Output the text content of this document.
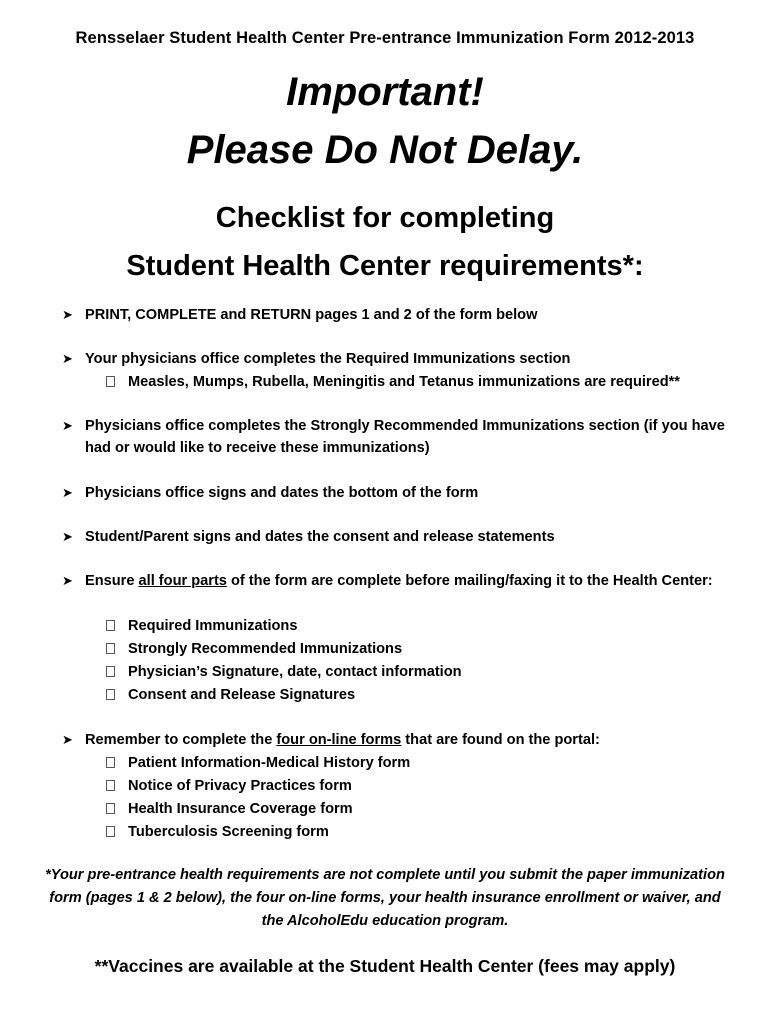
Rensselaer Student Health Center Pre-entrance Immunization Form 2012-2013
Important!
Please Do Not Delay.
Checklist for completing
Student Health Center requirements*:
➤ PRINT, COMPLETE and RETURN pages 1 and 2 of the form below
➤ Your physicians office completes the Required Immunizations section
Measles, Mumps, Rubella, Meningitis and Tetanus immunizations are required**
➤ Physicians office completes the Strongly Recommended Immunizations section (if you have had or would like to receive these immunizations)
➤ Physicians office signs and dates the bottom of the form
➤ Student/Parent signs and dates the consent and release statements
➤ Ensure all four parts of the form are complete before mailing/faxing it to the Health Center:
Required Immunizations
Strongly Recommended Immunizations
Physician’s Signature, date, contact information
Consent and Release Signatures
➤ Remember to complete the four on-line forms that are found on the portal:
Patient Information-Medical History form
Notice of Privacy Practices form
Health Insurance Coverage form
Tuberculosis Screening form
*Your pre-entrance health requirements are not complete until you submit the paper immunization form (pages 1 & 2 below), the four on-line forms, your health insurance enrollment or waiver, and the AlcoholEdu education program.
**Vaccines are available at the Student Health Center (fees may apply)
